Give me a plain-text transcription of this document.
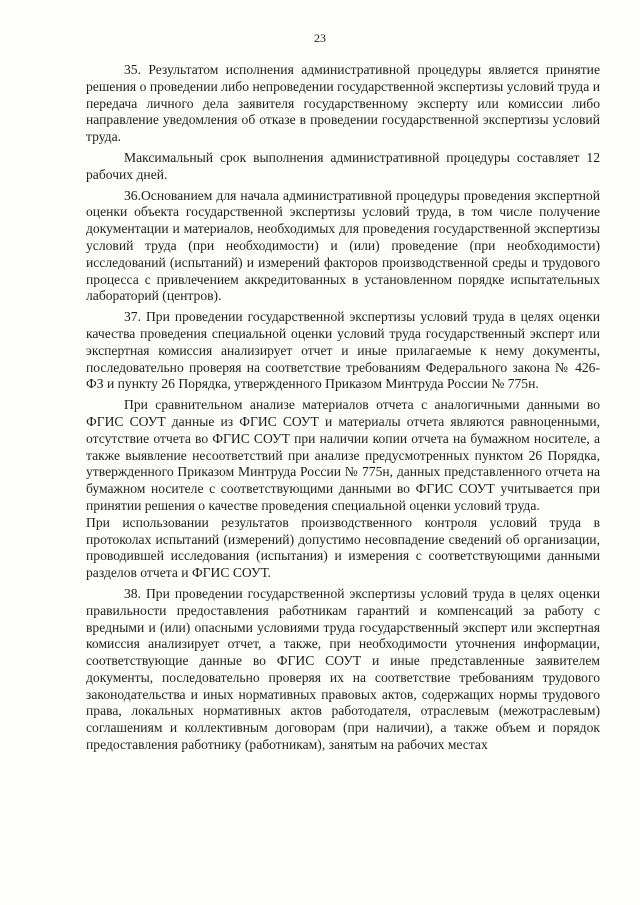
23

35. Результатом исполнения административной процедуры является принятие решения о проведении либо непроведении государственной экспертизы условий труда и передача личного дела заявителя государственному эксперту или комиссии либо направление уведомления об отказе в проведении государственной экспертизы условий труда.

Максимальный срок выполнения административной процедуры составляет 12 рабочих дней.

36.Основанием для начала административной процедуры проведения экспертной оценки объекта государственной экспертизы условий труда, в том числе получение документации и материалов, необходимых для проведения государственной экспертизы условий труда (при необходимости) и (или) проведение (при необходимости) исследований (испытаний) и измерений факторов производственной среды и трудового процесса с привлечением аккредитованных в установленном порядке испытательных лабораторий (центров).

37. При проведении государственной экспертизы условий труда в целях оценки качества проведения специальной оценки условий труда государственный эксперт или экспертная комиссия анализирует отчет и иные прилагаемые к нему документы, последовательно проверяя на соответствие требованиям Федерального закона № 426-ФЗ и пункту 26 Порядка, утвержденного Приказом Минтруда России № 775н.

При сравнительном анализе материалов отчета с аналогичными данными во ФГИС СОУТ данные из ФГИС СОУТ и материалы отчета являются равноценными, отсутствие отчета во ФГИС СОУТ при наличии копии отчета на бумажном носителе, а также выявление несоответствий при анализе предусмотренных пунктом 26 Порядка, утвержденного Приказом Минтруда России № 775н, данных представленного отчета на бумажном носителе с соответствующими данными во ФГИС СОУТ учитывается при принятии решения о качестве проведения специальной оценки условий труда.

При использовании результатов производственного контроля условий труда в протоколах испытаний (измерений) допустимо несовпадение сведений об организации, проводившей исследования (испытания) и измерения с соответствующими данными разделов отчета и ФГИС СОУТ.

38. При проведении государственной экспертизы условий труда в целях оценки правильности предоставления работникам гарантий и компенсаций за работу с вредными и (или) опасными условиями труда государственный эксперт или экспертная комиссия анализирует отчет, а также, при необходимости уточнения информации, соответствующие данные во ФГИС СОУТ и иные представленные заявителем документы, последовательно проверяя их на соответствие требованиям трудового законодательства и иных нормативных правовых актов, содержащих нормы трудового права, локальных нормативных актов работодателя, отраслевым (межотраслевым) соглашениям и коллективным договорам (при наличии), а также объем и порядок предоставления работнику (работникам), занятым на рабочих местах
